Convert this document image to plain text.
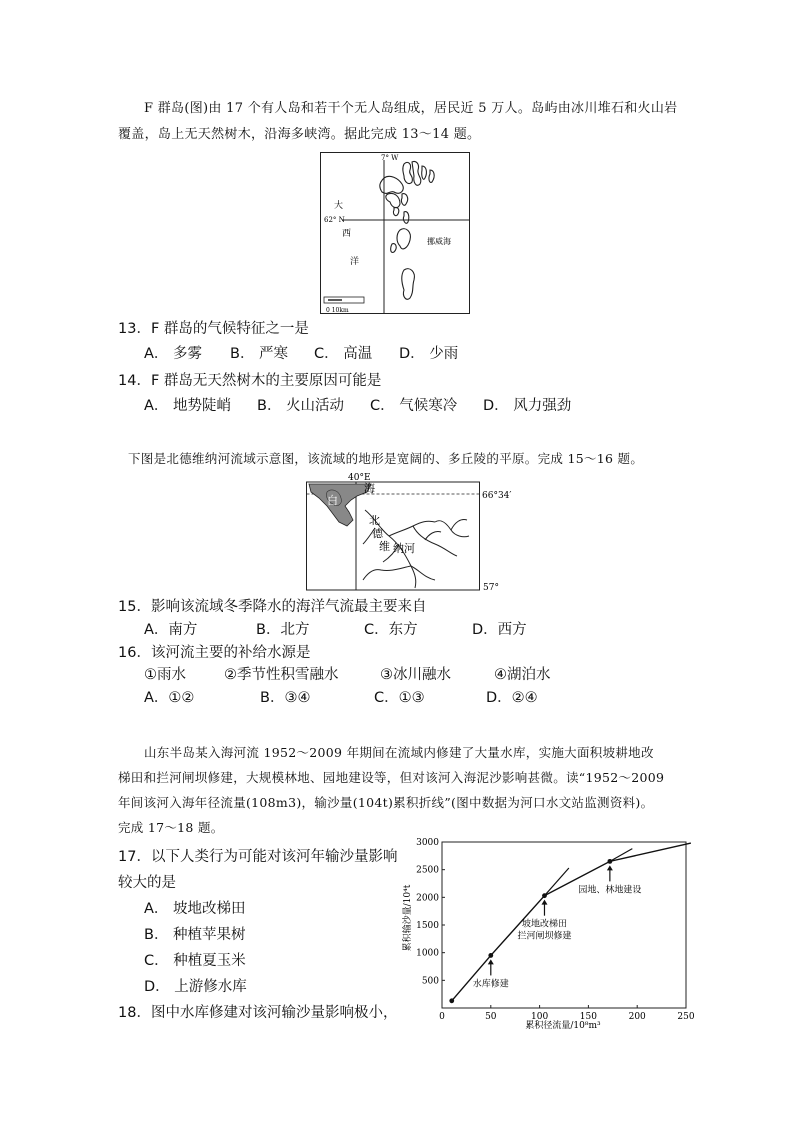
F 群岛(图)由 17 个有人岛和若干个无人岛组成，居民近 5 万人。岛屿由冰川堆石和火山岩
覆盖，岛上无天然树木，沿海多峡湾。据此完成 13～14 题。
7° W
62° N
大
西
洋
挪威海
0 10km
13．F 群岛的气候特征之一是
A． 多雾 B． 严寒 C． 高温 D． 少雨
14．F 群岛无天然树木的主要原因可能是
A． 地势陡峭 B． 火山活动 C． 气候寒冷 D． 风力强劲
下图是北德维纳河流域示意图，该流域的地形是宽阔的、多丘陵的平原。完成 15～16 题。
40°E
66°34′
57°
海
白
北
德
维 纳河
15．影响该流域冬季降水的海洋气流最主要来自
A．南方	B．北方	C．东方	D．西方
16．该河流主要的补给水源是
①雨水	②季节性积雪融水	③冰川融水	④湖泊水
A．①②	B．③④	C．①③	D．②④
山东半岛某入海河流 1952～2009 年期间在流域内修建了大量水库，实施大面积坡耕地改
梯田和拦河闸坝修建，大规模林地、园地建设等，但对该河入海泥沙影响甚微。读“1952～2009
年间该河入海年径流量(108m3)，输沙量(104t)累积折线”(图中数据为河口水文站监测资料)。
完成 17～18 题。
17．以下人类行为可能对该河年输沙量影响
较大的是
A． 坡地改梯田
B． 种植苹果树
C． 种植夏玉米
D． 上游修水库
18．图中水库修建对该河输沙量影响极小，	0	50	100	150	200	250
500
1000
1500
2000
2500
3000
水库修建
坡地改梯田
拦河闸坝修建
园地、林地建设
累积径流量/10⁸m³
累积输沙量/10⁴t
